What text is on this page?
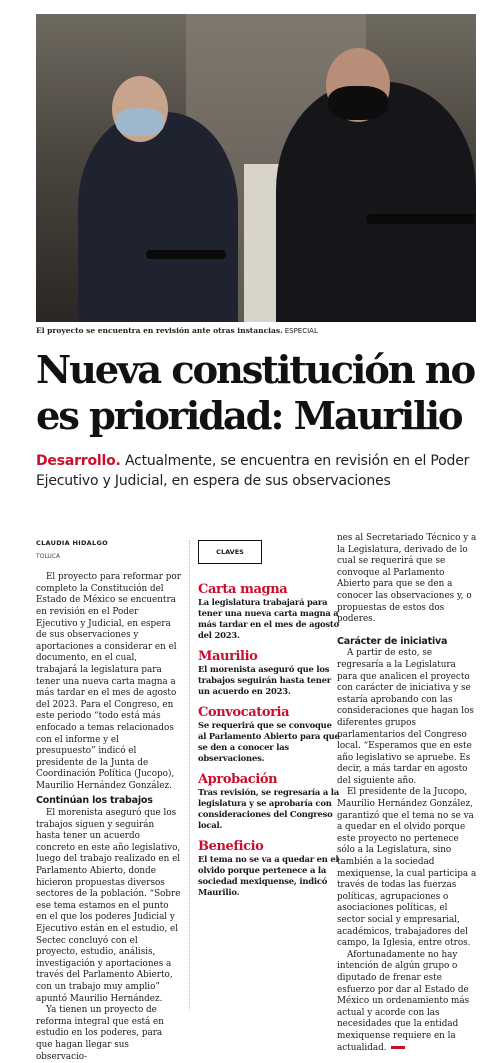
El proyecto se encuentra en revisión ante otras instancias. ESPECIAL
Nueva constitución no es prioridad: Maurilio

Desarrollo. Actualmente, se encuentra en revisión en el Poder Ejecutivo y Judicial, en espera de sus observaciones

CLAUDIA HIDALGO
TOLUCA

El proyecto para reformar por completo la Constitución del Estado de México se encuentra en revisión en el Poder Ejecutivo y Judicial, en espera de sus observaciones y aportaciones a considerar en el documento, en el cual, trabajará la legislatura para tener una nueva carta magna a más tardar en el mes de agosto del 2023. Para el Congreso, en este periodo “todo está más enfocado a temas relacionados con el informe y el presupuesto” indicó el presidente de la Junta de Coordinación Política (Jucopo), Maurilio Hernández González.

Continúan los trabajos

El morenista aseguró que los trabajos siguen y seguirán hasta tener un acuerdo concreto en este año legislativo, luego del trabajo realizado en el Parlamento Abierto, donde hicieron propuestas diversos sectores de la población. “Sobre ese tema estamos en el punto en el que los poderes Judicial y Ejecutivo están en el estudio, el Sectec concluyó con el proyecto, estudio, análisis, investigación y aportaciones a través del Parlamento Abierto, con un trabajo muy amplio” apuntó Maurilio Hernández.

Ya tienen un proyecto de reforma integral que está en estudio en los poderes, para que hagan llegar sus observacio-

CLAVES
Carta magna
La legislatura trabajará para tener una nueva carta magna a más tardar en el mes de agosto del 2023.
Maurilio
El morenista aseguró que los trabajos seguirán hasta tener un acuerdo en 2023.
Convocatoria
Se requerirá que se convoque al Parlamento Abierto para que se den a conocer las observaciones.
Aprobación
Tras revisión, se regresaría a la legislatura y se aprobaría con consideraciones del Congreso local.
Beneficio
El tema no se va a quedar en el olvido porque pertenece a la sociedad mexiquense, indicó Maurilio.

nes al Secretariado Técnico y a la Legislatura, derivado de lo cual se requerirá que se convoque al Parlamento Abierto para que se den a conocer las observaciones y, o propuestas de estos dos poderes.

Carácter de iniciativa

A partir de esto, se regresaría a la Legislatura para que analicen el proyecto con carácter de iniciativa y se estaría aprobando con las consideraciones que hagan los diferentes grupos parlamentarios del Congreso local. “Esperamos que en este año legislativo se apruebe. Es decir, a más tardar en agosto del siguiente año.

El presidente de la Jucopo, Maurilio Hernández González, garantizó que el tema no se va a quedar en el olvido porque este proyecto no pertenece sólo a la Legislatura, sino también a la sociedad mexiquense, la cual participa a través de todas las fuerzas políticas, agrupaciones o asociaciones políticas, el sector social y empresarial, académicos, trabajadores del campo, la Iglesia, entre otros.

Afortunadamente no hay intención de algún grupo o diputado de frenar este esfuerzo por dar al Estado de México un ordenamiento más actual y acorde con las necesidades que la entidad mexiquense requiere en la actualidad.
